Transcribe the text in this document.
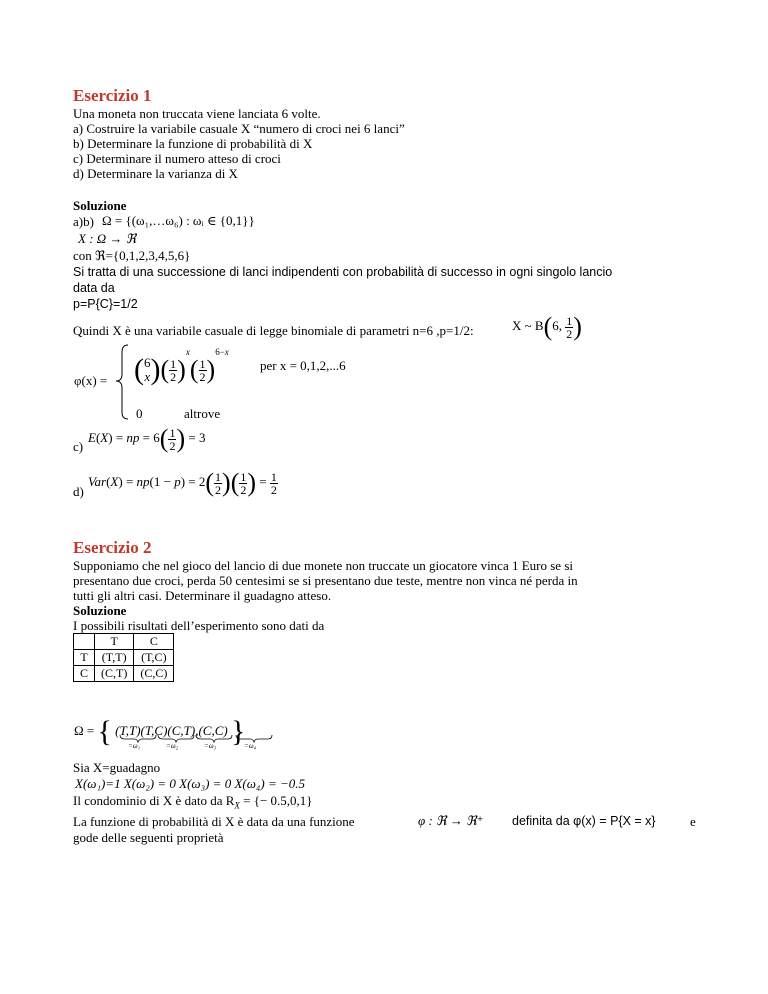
Esercizio 1
Una moneta non truccata viene lanciata 6 volte.
a) Costruire la variabile casuale X “numero di croci nei 6 lanci”
b) Determinare la funzione di probabilità di X
c) Determinare il numero atteso di croci
d) Determinare la varianza di X
Soluzione
a)b) Ω = {(ω₁,…ω₆) : ωᵢ ∈ {0,1}}
X : Ω → ℜ
con ℜ={0,1,2,3,4,5,6}
Si tratta di una successione di lanci indipendenti con probabilità di successo in ogni singolo lancio
data da
p=P{C}=1/2
Quindi X è una variabile casuale di legge binomiale di parametri n=6 ,p=1/2:	X ~ B(6, $\frac{1}{2}$ )
φ(x) = (6
$x)( \frac{1}{2} )^x( \frac{1}{2} )^{6-x}$
per x = 0,1,2,...6
0	altrove
c)
E(X) = np = $6( \frac{1}{2}$ ) = 3
d)
$Var(X) = np(1 - p) = 2( \frac{1}{2}$ )( $\frac{1}{2}$ ) = $\frac{1}{2}$
Esercizio 2
Supponiamo che nel gioco del lancio di due monete non truccate un giocatore vinca 1 Euro se si
presentano due croci, perda 50 centesimi se si presentano due teste, mentre non vinca né perda in
tutti gli altri casi. Determinare il guadagno atteso.
Soluzione
I possibili risultati dell’esperimento sono dati da
	T	C
T	(T,T)	(T,C)
C	(C,T)	(C,C)
Ω = { (T,T)(T,C)(C,T),(C,C) }
=ω₁	=ω₂	=ω₃	=ω₄
Sia X=guadagno
X(ω₁)=1 X(ω₂) = 0 X(ω₃) = 0 X(ω₄) = −0.5
Il condominio di X è dato da $R_X$ = {− 0.5,0,1}
La funzione di probabilità di X è data da una funzione	φ : ℜ → ℜ⁺ definita da φ(x) = P{X = x}	e
gode delle seguenti proprietà
